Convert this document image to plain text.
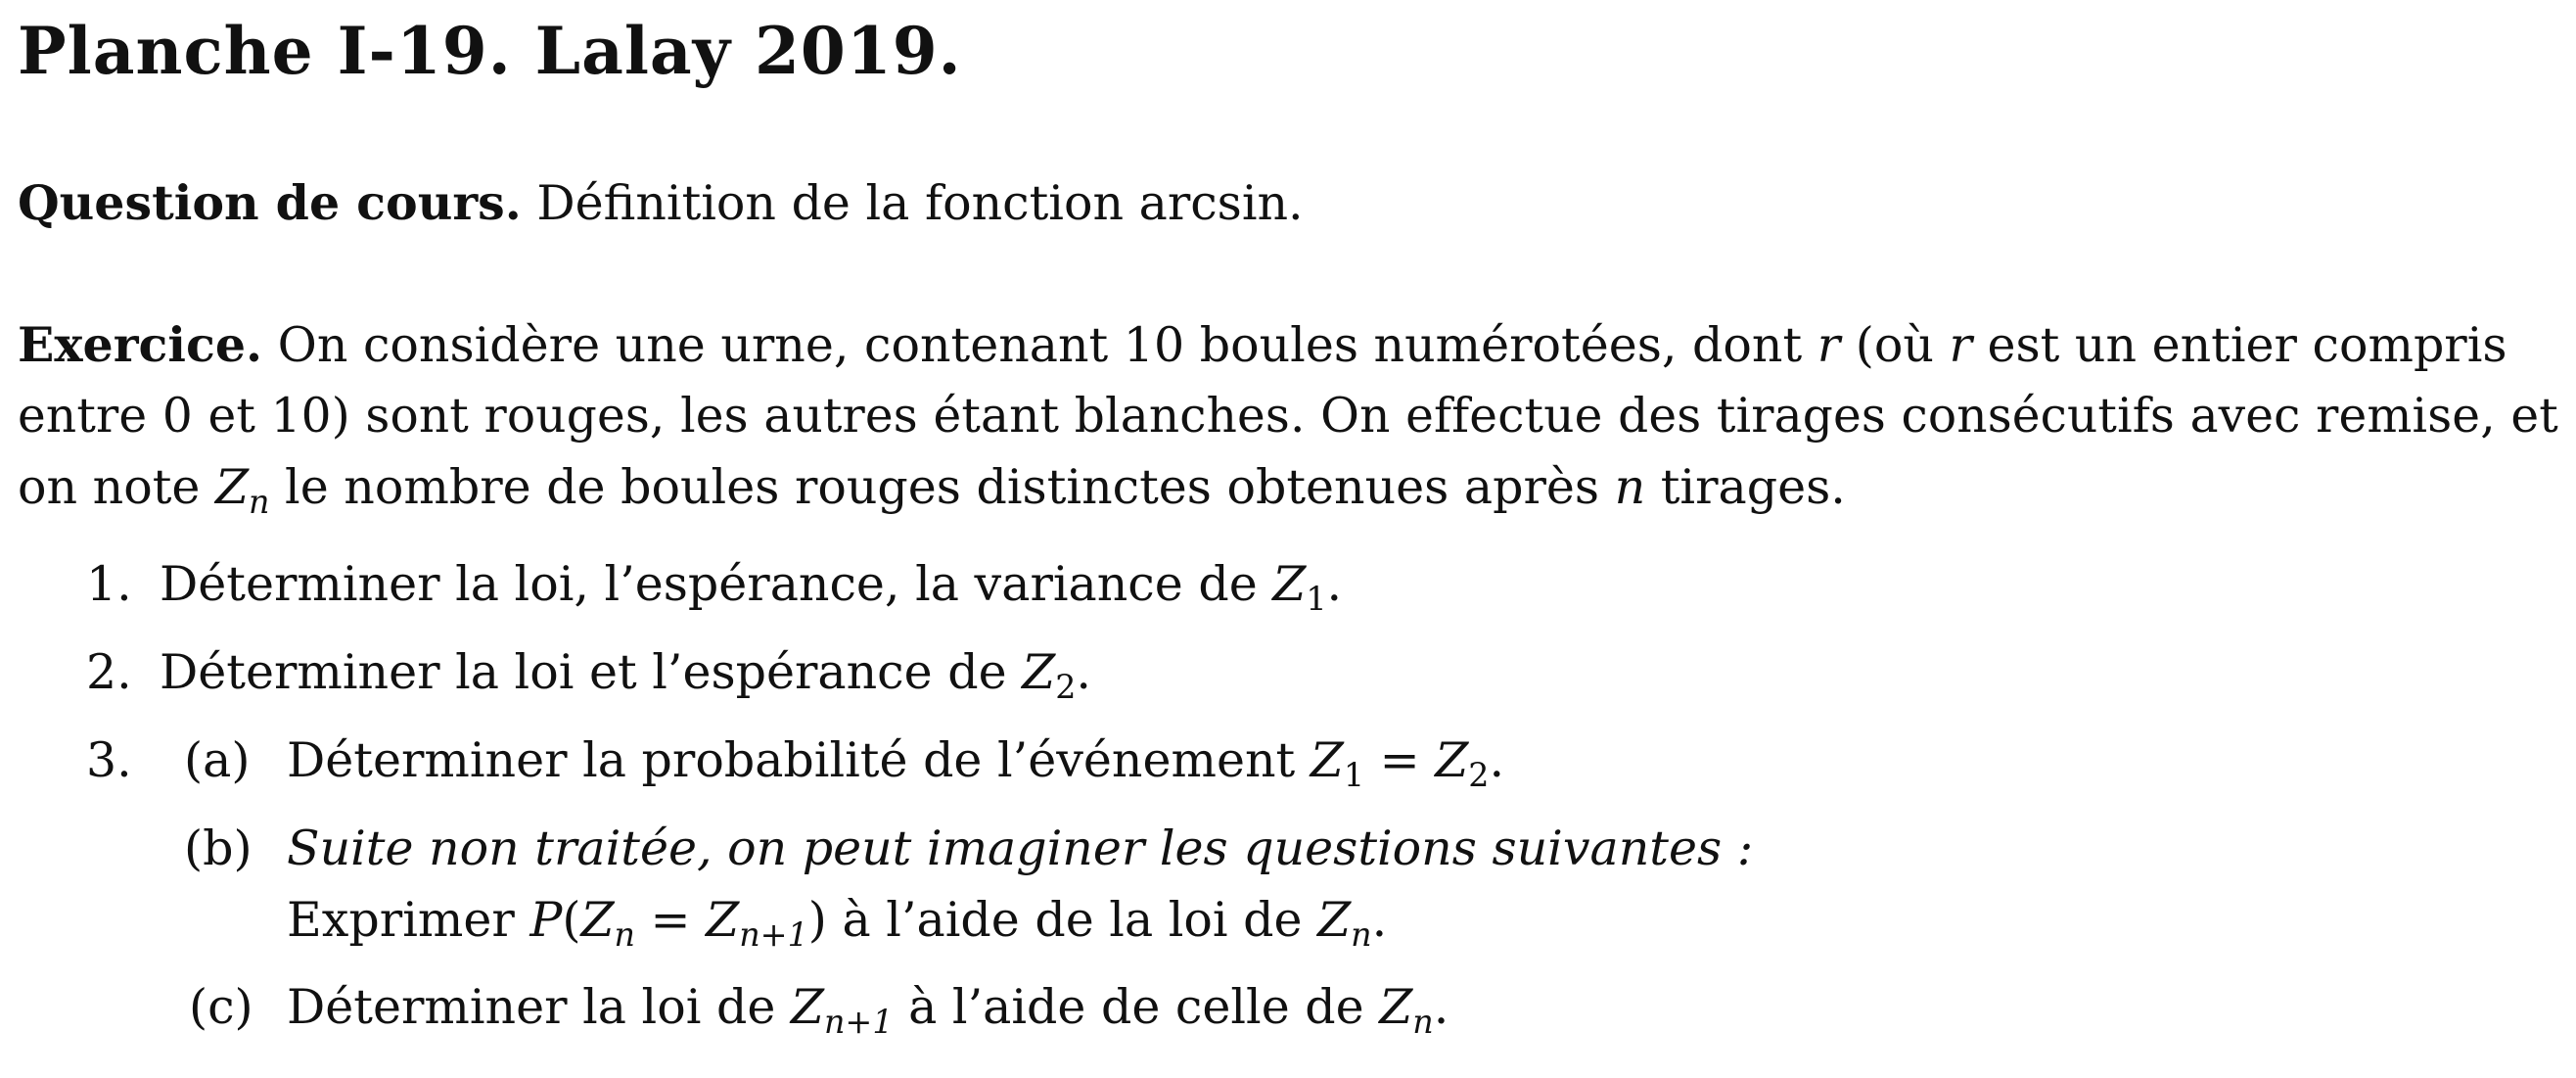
Planche I-19. Lalay 2019.
Question de cours. Définition de la fonction arcsin.
Exercice. On considère une urne, contenant 10 boules numérotées, dont r (où r est un entier compris
entre 0 et 10) sont rouges, les autres étant blanches. On effectue des tirages consécutifs avec remise, et
on note $Z_n$ le nombre de boules rouges distinctes obtenues après n tirages.
1. Déterminer la loi, l’espérance, la variance de $Z_1$.
2. Déterminer la loi et l’espérance de $Z_2$.
3. (a) Déterminer la probabilité de l’événement $Z_1 = Z_2$.
(b) Suite non traitée, on peut imaginer les questions suivantes :
Exprimer $P(Z_n = Z_{n+1})$ à l’aide de la loi de $Z_n$.
(c) Déterminer la loi de $Z_{n+1}$ à l’aide de celle de $Z_n$.
